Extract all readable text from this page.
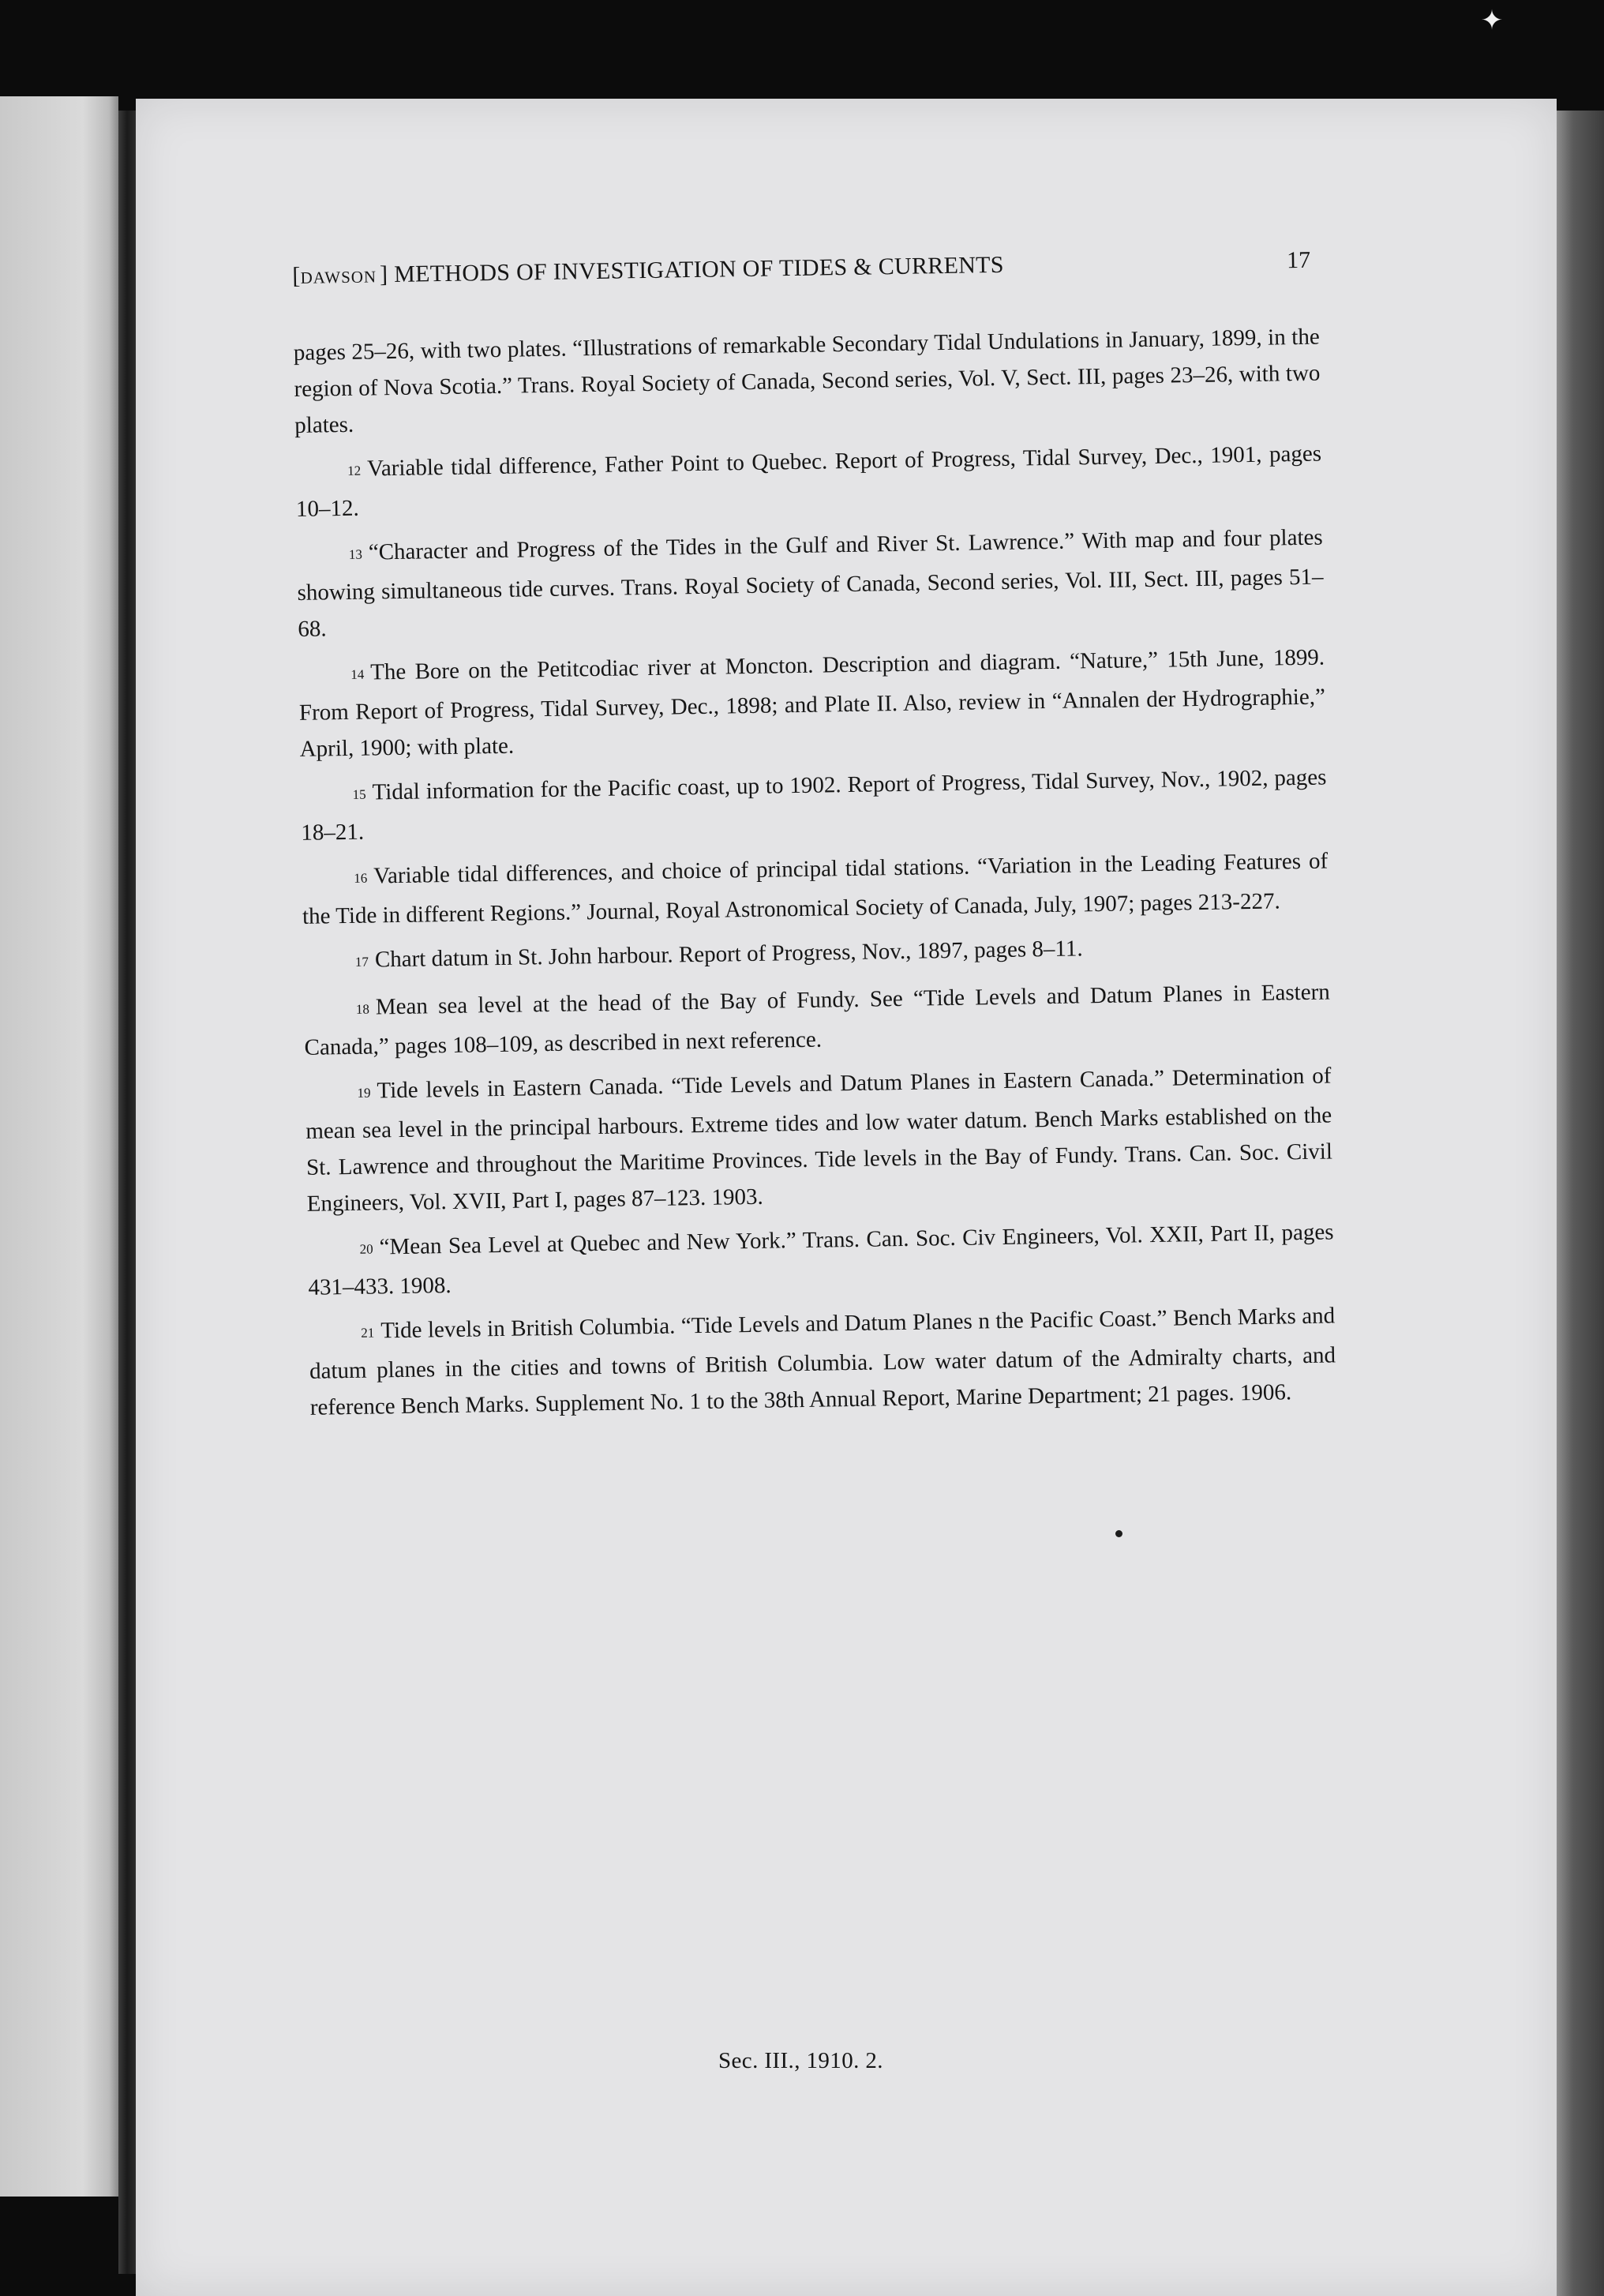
✦
[DAWSON ] METHODS OF INVESTIGATION OF TIDES & CURRENTS	17

pages 25–26, with two plates. “Illustrations of remarkable Secondary Tidal Undulations in January, 1899, in the region of Nova Scotia.” Trans. Royal Society of Canada, Second series, Vol. V, Sect. III, pages 23–26, with two plates.

12 Variable tidal difference, Father Point to Quebec. Report of Progress, Tidal Survey, Dec., 1901, pages 10–12.

13 “Character and Progress of the Tides in the Gulf and River St. Lawrence.” With map and four plates showing simultaneous tide curves. Trans. Royal Society of Canada, Second series, Vol. III, Sect. III, pages 51–68.

14 The Bore on the Petitcodiac river at Moncton. Description and diagram. “Nature,” 15th June, 1899. From Report of Progress, Tidal Survey, Dec., 1898; and Plate II. Also, review in “Annalen der Hydrographie,” April, 1900; with plate.

15 Tidal information for the Pacific coast, up to 1902. Report of Progress, Tidal Survey, Nov., 1902, pages 18–21.

16 Variable tidal differences, and choice of principal tidal stations. “Variation in the Leading Features of the Tide in different Regions.” Journal, Royal Astronomical Society of Canada, July, 1907; pages 213-227.

17 Chart datum in St. John harbour. Report of Progress, Nov., 1897, pages 8–11.

18 Mean sea level at the head of the Bay of Fundy. See “Tide Levels and Datum Planes in Eastern Canada,” pages 108–109, as described in next reference.

19 Tide levels in Eastern Canada. “Tide Levels and Datum Planes in Eastern Canada.” Determination of mean sea level in the principal harbours. Extreme tides and low water datum. Bench Marks established on the St. Lawrence and throughout the Maritime Provinces. Tide levels in the Bay of Fundy. Trans. Can. Soc. Civil Engineers, Vol. XVII, Part I, pages 87–123. 1903.

20 “Mean Sea Level at Quebec and New York.” Trans. Can. Soc. Civ Engineers, Vol. XXII, Part II, pages 431–433. 1908.

21 Tide levels in British Columbia. “Tide Levels and Datum Planes n the Pacific Coast.” Bench Marks and datum planes in the cities and towns of British Columbia. Low water datum of the Admiralty charts, and reference Bench Marks. Supplement No. 1 to the 38th Annual Report, Marine Department; 21 pages. 1906.

Sec. III., 1910. 2.
